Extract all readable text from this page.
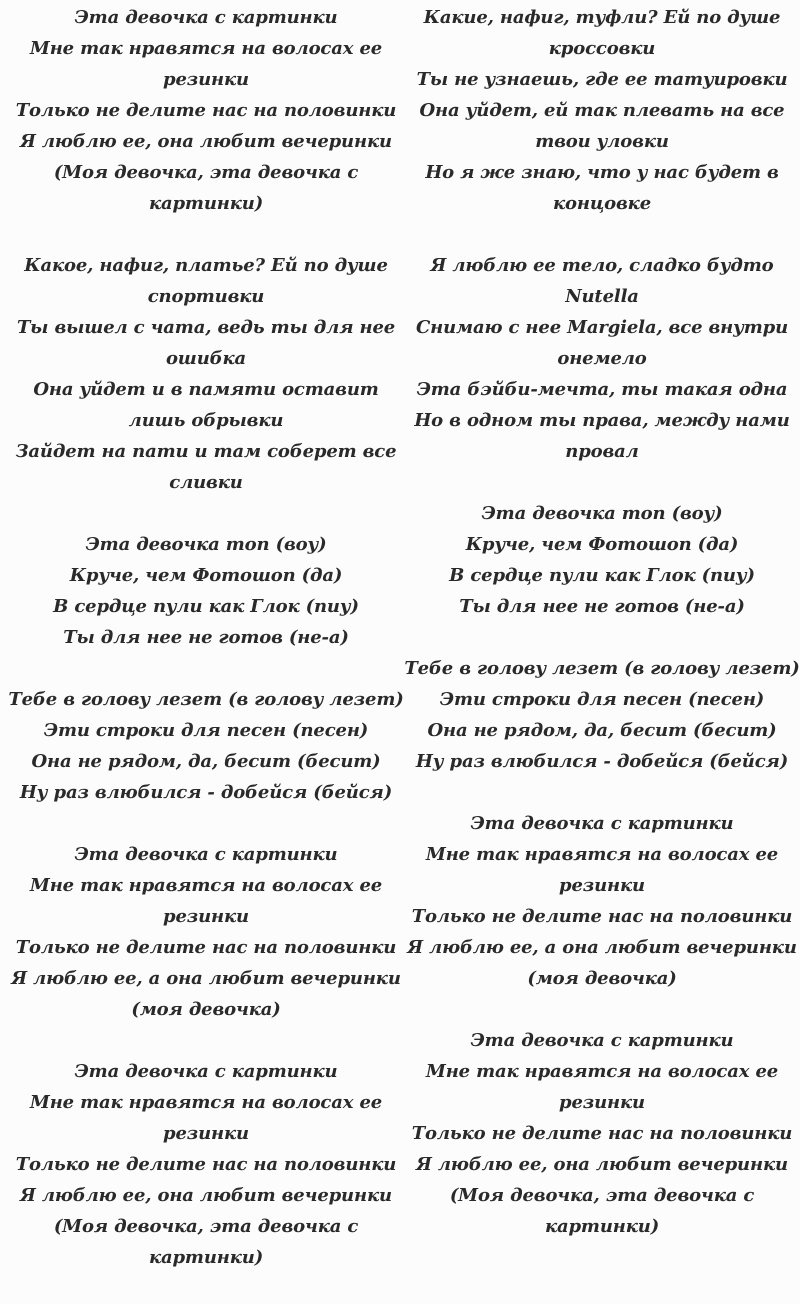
Эта девочка с картинки

Мне так нравятся на волосах ее резинки

Только не делите нас на половинки

Я люблю ее, она любит вечеринки

(Моя девочка, эта девочка с картинки)

Какое, нафиг, платье? Ей по душе спортивки

Ты вышел с чата, ведь ты для нее ошибка

Она уйдет и в памяти оставит лишь обрывки

Зайдет на пати и там соберет все сливки

Эта девочка топ (воу)

Круче, чем Фотошоп (да)

В сердце пули как Глок (пиу)

Ты для нее не готов (не-а)

Тебе в голову лезет (в голову лезет)

Эти строки для песен (песен)

Она не рядом, да, бесит (бесит)

Ну раз влюбился - добейся (бейся)

Эта девочка с картинки

Мне так нравятся на волосах ее резинки

Только не делите нас на половинки

Я люблю ее, а она любит вечеринки (моя девочка)

Эта девочка с картинки

Мне так нравятся на волосах ее резинки

Только не делите нас на половинки

Я люблю ее, она любит вечеринки

(Моя девочка, эта девочка с картинки)

Какие, нафиг, туфли? Ей по душе кроссовки

Ты не узнаешь, где ее татуировки

Она уйдет, ей так плевать на все твои уловки

Но я же знаю, что у нас будет в концовке

Я люблю ее тело, сладко будто Nutella

Снимаю с нее Margiela, все внутри онемело

Эта бэйби-мечта, ты такая одна

Но в одном ты права, между нами провал

Эта девочка топ (воу)

Круче, чем Фотошоп (да)

В сердце пули как Глок (пиу)

Ты для нее не готов (не-а)

Тебе в голову лезет (в голову лезет)

Эти строки для песен (песен)

Она не рядом, да, бесит (бесит)

Ну раз влюбился - добейся (бейся)

Эта девочка с картинки

Мне так нравятся на волосах ее резинки

Только не делите нас на половинки

Я люблю ее, а она любит вечеринки (моя девочка)

Эта девочка с картинки

Мне так нравятся на волосах ее резинки

Только не делите нас на половинки

Я люблю ее, она любит вечеринки

(Моя девочка, эта девочка с картинки)
